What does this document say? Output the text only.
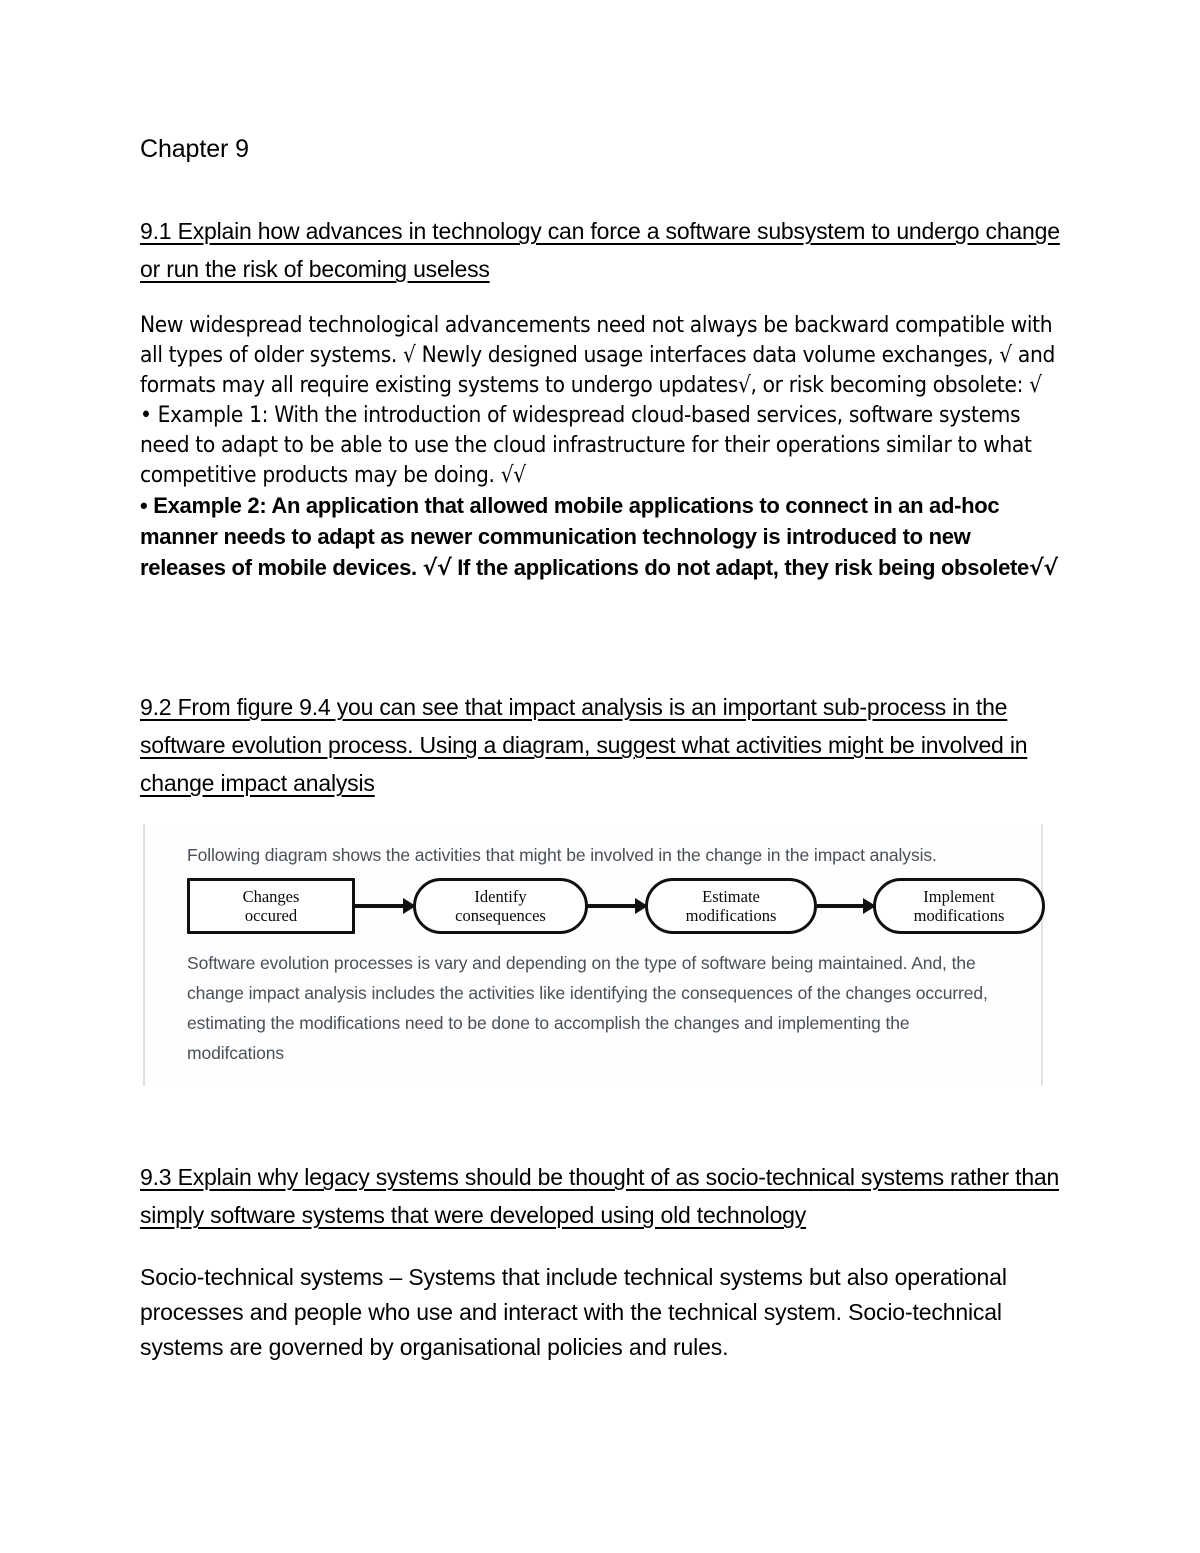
Chapter 9
9.1 Explain how advances in technology can force a software subsystem to undergo change or run the risk of becoming useless

New widespread technological advancements need not always be backward compatible with all types of older systems. √ Newly designed usage interfaces data volume exchanges, √ and formats may all require existing systems to undergo updates√, or risk becoming obsolete: √

• Example 1: With the introduction of widespread cloud-based services, software systems need to adapt to be able to use the cloud infrastructure for their operations similar to what competitive products may be doing. √√

• Example 2: An application that allowed mobile applications to connect in an ad-hoc manner needs to adapt as newer communication technology is introduced to new releases of mobile devices. √√ If the applications do not adapt, they risk being obsolete√√

9.2 From figure 9.4 you can see that impact analysis is an important sub-process in the software evolution process. Using a diagram, suggest what activities might be involved in change impact analysis

Following diagram shows the activities that might be involved in the change in the impact analysis.

Changes
occured
Identify
consequences
Estimate
modifications
Implement
modifications

Software evolution processes is vary and depending on the type of software being maintained. And, the change impact analysis includes the activities like identifying the consequences of the changes occurred, estimating the modifications need to be done to accomplish the changes and implementing the modifcations

9.3 Explain why legacy systems should be thought of as socio-technical systems rather than simply software systems that were developed using old technology

Socio-technical systems – Systems that include technical systems but also operational processes and people who use and interact with the technical system. Socio-technical systems are governed by organisational policies and rules.
